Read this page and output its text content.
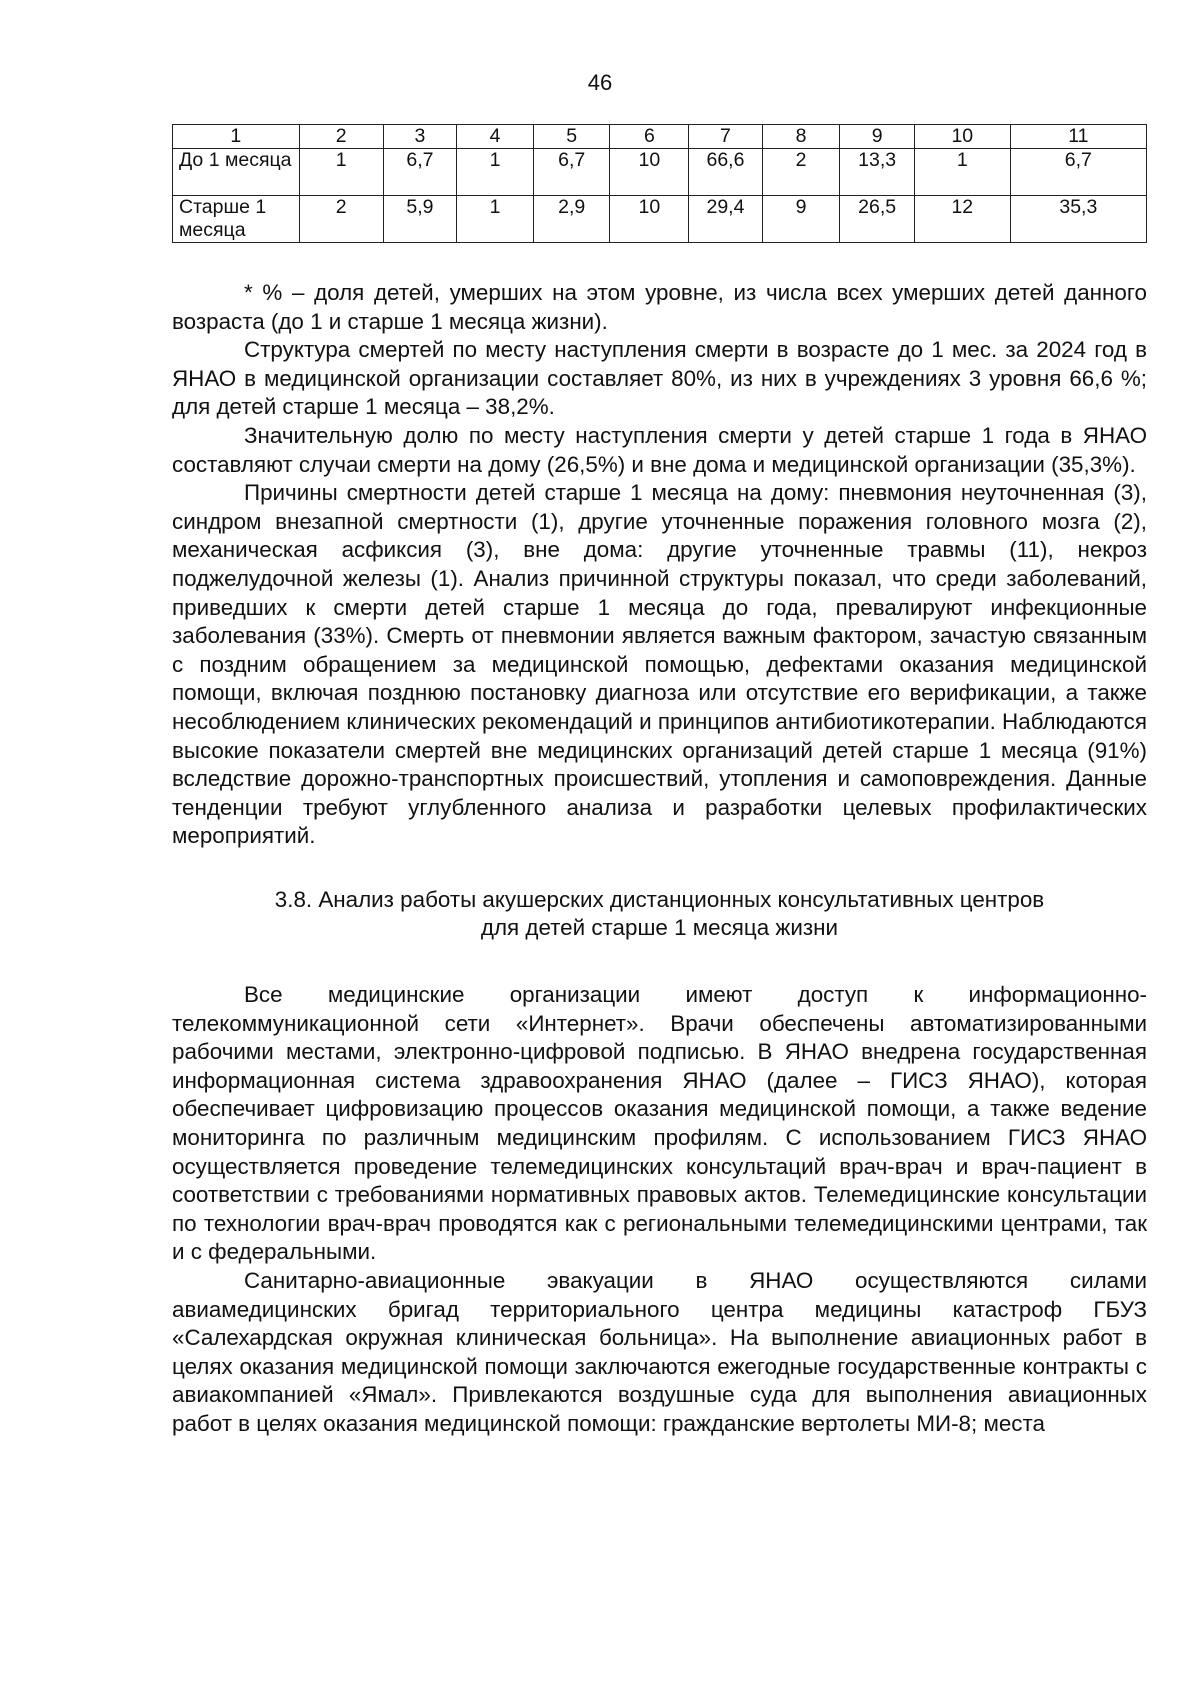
46
1	2	3	4	5	6	7	8	9	10	11
До 1 месяца	1	6,7	1	6,7	10	66,6	2	13,3	1	6,7
Старше 1 месяца	2	5,9	1	2,9	10	29,4	9	26,5	12	35,3

* % – доля детей, умерших на этом уровне, из числа всех умерших детей данного возраста (до 1 и старше 1 месяца жизни).

Структура смертей по месту наступления смерти в возрасте до 1 мес. за 2024 год в ЯНАО в медицинской организации составляет 80%, из них в учреждениях 3 уровня 66,6 %; для детей старше 1 месяца – 38,2%.

Значительную долю по месту наступления смерти у детей старше 1 года в ЯНАО составляют случаи смерти на дому (26,5%) и вне дома и медицинской организации (35,3%).

Причины смертности детей старше 1 месяца на дому: пневмония неуточненная (3), синдром внезапной смертности (1), другие уточненные поражения головного мозга (2), механическая асфиксия (3), вне дома: другие уточненные травмы (11), некроз поджелудочной железы (1). Анализ причинной структуры показал, что среди заболеваний, приведших к смерти детей старше 1 месяца до года, превалируют инфекционные заболевания (33%). Смерть от пневмонии является важным фактором, зачастую связанным с поздним обращением за медицинской помощью, дефектами оказания медицинской помощи, включая позднюю постановку диагноза или отсутствие его верификации, а также несоблюдением клинических рекомендаций и принципов антибиотикотерапии. Наблюдаются высокие показатели смертей вне медицинских организаций детей старше 1 месяца (91%) вследствие дорожно-транспортных происшествий, утопления и самоповреждения. Данные тенденции требуют углубленного анализа и разработки целевых профилактических мероприятий.

3.8. Анализ работы акушерских дистанционных консультативных центров
для детей старше 1 месяца жизни

Все медицинские организации имеют доступ к информационно-телекоммуникационной сети «Интернет». Врачи обеспечены автоматизированными рабочими местами, электронно-цифровой подписью. В ЯНАО внедрена государственная информационная система здравоохранения ЯНАО (далее – ГИСЗ ЯНАО), которая обеспечивает цифровизацию процессов оказания медицинской помощи, а также ведение мониторинга по различным медицинским профилям. С использованием ГИСЗ ЯНАО осуществляется проведение телемедицинских консультаций врач-врач и врач-пациент в соответствии с требованиями нормативных правовых актов. Телемедицинские консультации по технологии врач-врач проводятся как с региональными телемедицинскими центрами, так и с федеральными.

Санитарно-авиационные эвакуации в ЯНАО осуществляются силами авиамедицинских бригад территориального центра медицины катастроф ГБУЗ «Салехардская окружная клиническая больница». На выполнение авиационных работ в целях оказания медицинской помощи заключаются ежегодные государственные контракты с авиакомпанией «Ямал». Привлекаются воздушные суда для выполнения авиационных работ в целях оказания медицинской помощи: гражданские вертолеты МИ-8; места
